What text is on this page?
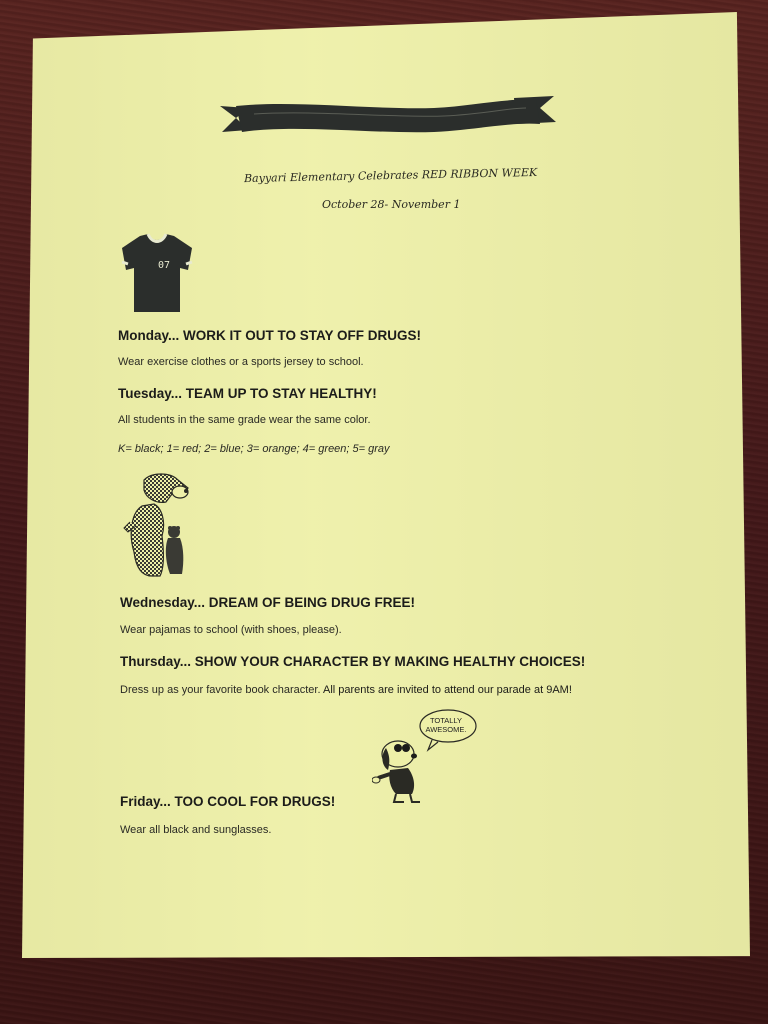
Bayyari Elementary Celebrates RED RIBBON WEEK
October 28- November 1
07
Monday... WORK IT OUT TO STAY OFF DRUGS!
Wear exercise clothes or a sports jersey to school.
Tuesday... TEAM UP TO STAY HEALTHY!
All students in the same grade wear the same color.
K= black; 1= red; 2= blue; 3= orange; 4= green; 5= gray
Wednesday... DREAM OF BEING DRUG FREE!
Wear pajamas to school (with shoes, please).
Thursday... SHOW YOUR CHARACTER BY MAKING HEALTHY CHOICES!
Dress up as your favorite book character. All parents are invited to attend our parade at 9AM!
TOTALLY
AWESOME.
Friday... TOO COOL FOR DRUGS!
Wear all black and sunglasses.
